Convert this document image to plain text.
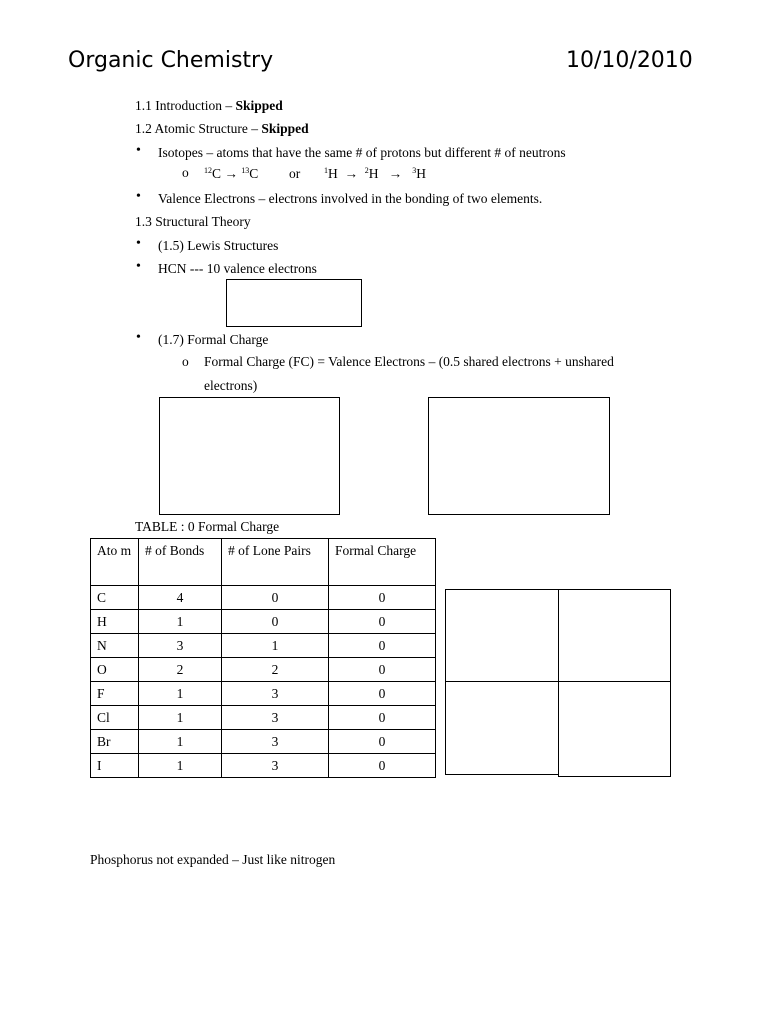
Organic Chemistry	10/10/2010
1.1 Introduction – Skipped
1.2 Atomic Structure – Skipped
• Isotopes – atoms that have the same # of protons but different # of neutrons
o $^{12}$C → $^{13}$C or	$^1$H → $^2$H → $^3$H
• Valence Electrons – electrons involved in the bonding of two elements.
1.3 Structural Theory
• (1.5) Lewis Structures
• HCN --- 10 valence electrons
• (1.7) Formal Charge
o Formal Charge (FC) = Valence Electrons – (0.5 shared electrons + unshared
electrons)
TABLE : 0 Formal Charge
Ato m	# of Bonds	# of Lone Pairs	Formal Charge
C	4	0	0
H	1	0	0
N	3	1	0
O	2	2	0
F	1	3	0
Cl	1	3	0
Br	1	3	0
I	1	3	0
Phosphorus not expanded – Just like nitrogen
